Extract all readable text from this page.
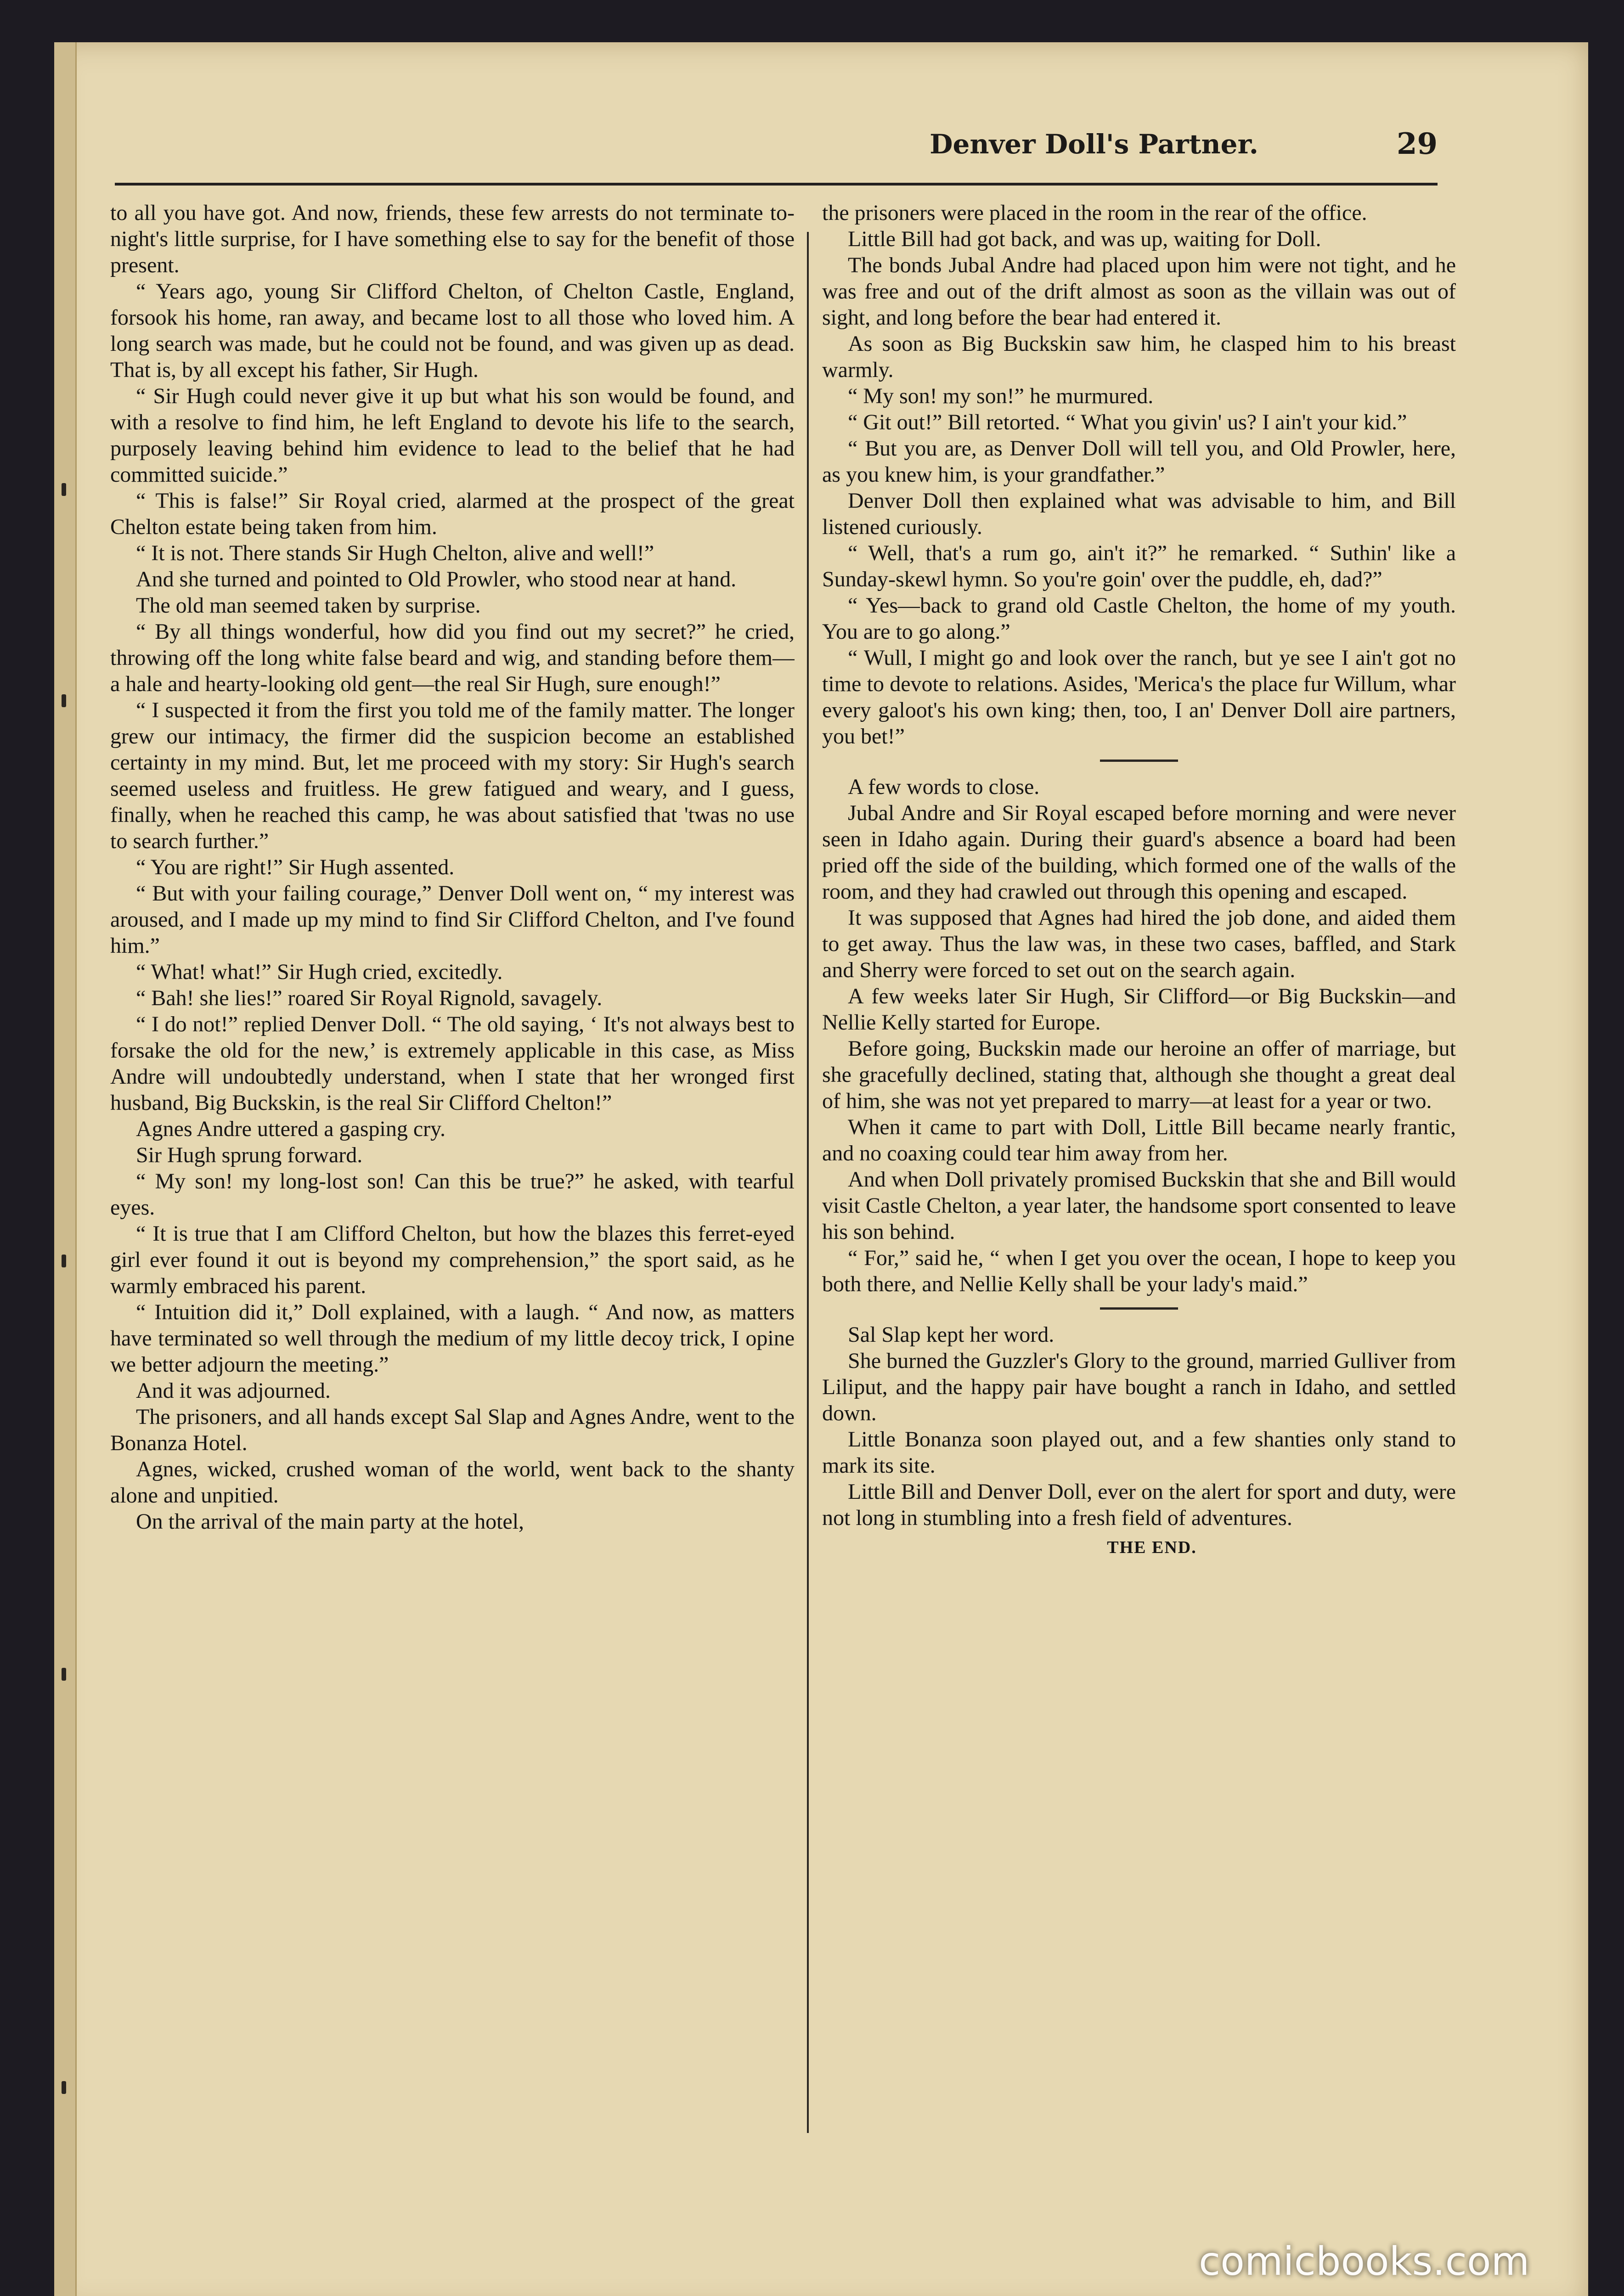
Denver Doll's Partner.	29

to all you have got. And now, friends, these few arrests do not terminate to-night's little surprise, for I have something else to say for the benefit of those present.

“ Years ago, young Sir Clifford Chelton, of Chelton Castle, England, forsook his home, ran away, and became lost to all those who loved him. A long search was made, but he could not be found, and was given up as dead. That is, by all except his father, Sir Hugh.

“ Sir Hugh could never give it up but what his son would be found, and with a resolve to find him, he left England to devote his life to the search, purposely leaving behind him evidence to lead to the belief that he had committed suicide.”

“ This is false!” Sir Royal cried, alarmed at the prospect of the great Chelton estate being taken from him.

“ It is not. There stands Sir Hugh Chelton, alive and well!”

And she turned and pointed to Old Prowler, who stood near at hand.

The old man seemed taken by surprise.

“ By all things wonderful, how did you find out my secret?” he cried, throwing off the long white false beard and wig, and standing before them—a hale and hearty-looking old gent—the real Sir Hugh, sure enough!”

“ I suspected it from the first you told me of the family matter. The longer grew our intimacy, the firmer did the suspicion become an established certainty in my mind. But, let me proceed with my story: Sir Hugh's search seemed useless and fruitless. He grew fatigued and weary, and I guess, finally, when he reached this camp, he was about satisfied that 'twas no use to search further.”

“ You are right!” Sir Hugh assented.

“ But with your failing courage,” Denver Doll went on, “ my interest was aroused, and I made up my mind to find Sir Clifford Chelton, and I've found him.”

“ What! what!” Sir Hugh cried, excitedly.

“ Bah! she lies!” roared Sir Royal Rignold, savagely.

“ I do not!” replied Denver Doll. “ The old saying, ‘ It's not always best to forsake the old for the new,’ is extremely applicable in this case, as Miss Andre will undoubtedly understand, when I state that her wronged first husband, Big Buckskin, is the real Sir Clifford Chelton!”

Agnes Andre uttered a gasping cry.

Sir Hugh sprung forward.

“ My son! my long-lost son! Can this be true?” he asked, with tearful eyes.

“ It is true that I am Clifford Chelton, but how the blazes this ferret-eyed girl ever found it out is beyond my comprehension,” the sport said, as he warmly embraced his parent.

“ Intuition did it,” Doll explained, with a laugh. “ And now, as matters have terminated so well through the medium of my little decoy trick, I opine we better adjourn the meeting.”

And it was adjourned.

The prisoners, and all hands except Sal Slap and Agnes Andre, went to the Bonanza Hotel.

Agnes, wicked, crushed woman of the world, went back to the shanty alone and unpitied.

On the arrival of the main party at the hotel,

the prisoners were placed in the room in the rear of the office.

Little Bill had got back, and was up, waiting for Doll.

The bonds Jubal Andre had placed upon him were not tight, and he was free and out of the drift almost as soon as the villain was out of sight, and long before the bear had entered it.

As soon as Big Buckskin saw him, he clasped him to his breast warmly.

“ My son! my son!” he murmured.

“ Git out!” Bill retorted. “ What you givin' us? I ain't your kid.”

“ But you are, as Denver Doll will tell you, and Old Prowler, here, as you knew him, is your grandfather.”

Denver Doll then explained what was advisable to him, and Bill listened curiously.

“ Well, that's a rum go, ain't it?” he remarked. “ Suthin' like a Sunday-skewl hymn. So you're goin' over the puddle, eh, dad?”

“ Yes—back to grand old Castle Chelton, the home of my youth. You are to go along.”

“ Wull, I might go and look over the ranch, but ye see I ain't got no time to devote to relations. Asides, 'Merica's the place fur Willum, whar every galoot's his own king; then, too, I an' Denver Doll aire partners, you bet!”

A few words to close.

Jubal Andre and Sir Royal escaped before morning and were never seen in Idaho again. During their guard's absence a board had been pried off the side of the building, which formed one of the walls of the room, and they had crawled out through this opening and escaped.

It was supposed that Agnes had hired the job done, and aided them to get away. Thus the law was, in these two cases, baffled, and Stark and Sherry were forced to set out on the search again.

A few weeks later Sir Hugh, Sir Clifford—or Big Buckskin—and Nellie Kelly started for Europe.

Before going, Buckskin made our heroine an offer of marriage, but she gracefully declined, stating that, although she thought a great deal of him, she was not yet prepared to marry—at least for a year or two.

When it came to part with Doll, Little Bill became nearly frantic, and no coaxing could tear him away from her.

And when Doll privately promised Buckskin that she and Bill would visit Castle Chelton, a year later, the handsome sport consented to leave his son behind.

“ For,” said he, “ when I get you over the ocean, I hope to keep you both there, and Nellie Kelly shall be your lady's maid.”

Sal Slap kept her word.

She burned the Guzzler's Glory to the ground, married Gulliver from Liliput, and the happy pair have bought a ranch in Idaho, and settled down.

Little Bonanza soon played out, and a few shanties only stand to mark its site.

Little Bill and Denver Doll, ever on the alert for sport and duty, were not long in stumbling into a fresh field of adventures.

THE END.

comicbooks.com
